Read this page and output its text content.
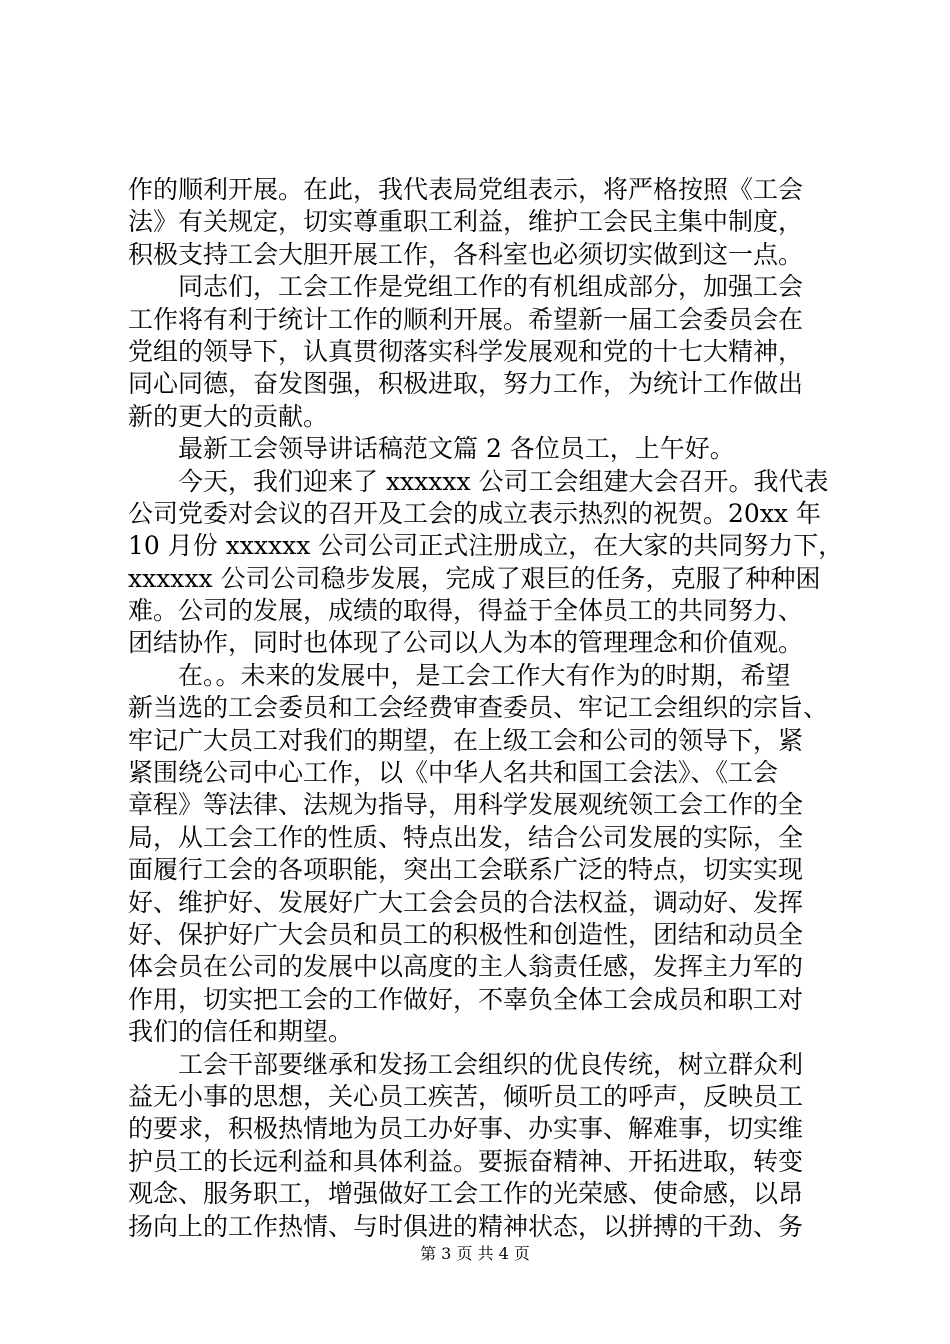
作的顺利开展。在此，我代表局党组表示，将严格按照《工会
法》有关规定，切实尊重职工利益，维护工会民主集中制度，
积极支持工会大胆开展工作，各科室也必须切实做到这一点。
　　同志们，工会工作是党组工作的有机组成部分，加强工会
工作将有利于统计工作的顺利开展。希望新一届工会委员会在
党组的领导下，认真贯彻落实科学发展观和党的十七大精神，
同心同德，奋发图强，积极进取，努力工作，为统计工作做出
新的更大的贡献。
　　最新工会领导讲话稿范文篇 2 各位员工，上午好。
　　今天，我们迎来了 xxxxxx 公司工会组建大会召开。我代表
公司党委对会议的召开及工会的成立表示热烈的祝贺。20xx 年
10 月份 xxxxxx 公司公司正式注册成立，在大家的共同努力下，
xxxxxx 公司公司稳步发展，完成了艰巨的任务，克服了种种困
难。公司的发展，成绩的取得，得益于全体员工的共同努力、
团结协作，同时也体现了公司以人为本的管理理念和价值观。
　　在。。未来的发展中，是工会工作大有作为的时期，希望
新当选的工会委员和工会经费审查委员、牢记工会组织的宗旨、
牢记广大员工对我们的期望，在上级工会和公司的领导下，紧
紧围绕公司中心工作，以《中华人名共和国工会法》、《工会
章程》等法律、法规为指导，用科学发展观统领工会工作的全
局，从工会工作的性质、特点出发，结合公司发展的实际，全
面履行工会的各项职能，突出工会联系广泛的特点，切实实现
好、维护好、发展好广大工会会员的合法权益，调动好、发挥
好、保护好广大会员和员工的积极性和创造性，团结和动员全
体会员在公司的发展中以高度的主人翁责任感，发挥主力军的
作用，切实把工会的工作做好，不辜负全体工会成员和职工对
我们的信任和期望。
　　工会干部要继承和发扬工会组织的优良传统，树立群众利
益无小事的思想，关心员工疾苦，倾听员工的呼声，反映员工
的要求，积极热情地为员工办好事、办实事、解难事，切实维
护员工的长远利益和具体利益。要振奋精神、开拓进取，转变
观念、服务职工，增强做好工会工作的光荣感、使命感，以昂
扬向上的工作热情、与时俱进的精神状态，以拼搏的干劲、务
第 3 页 共 4 页
